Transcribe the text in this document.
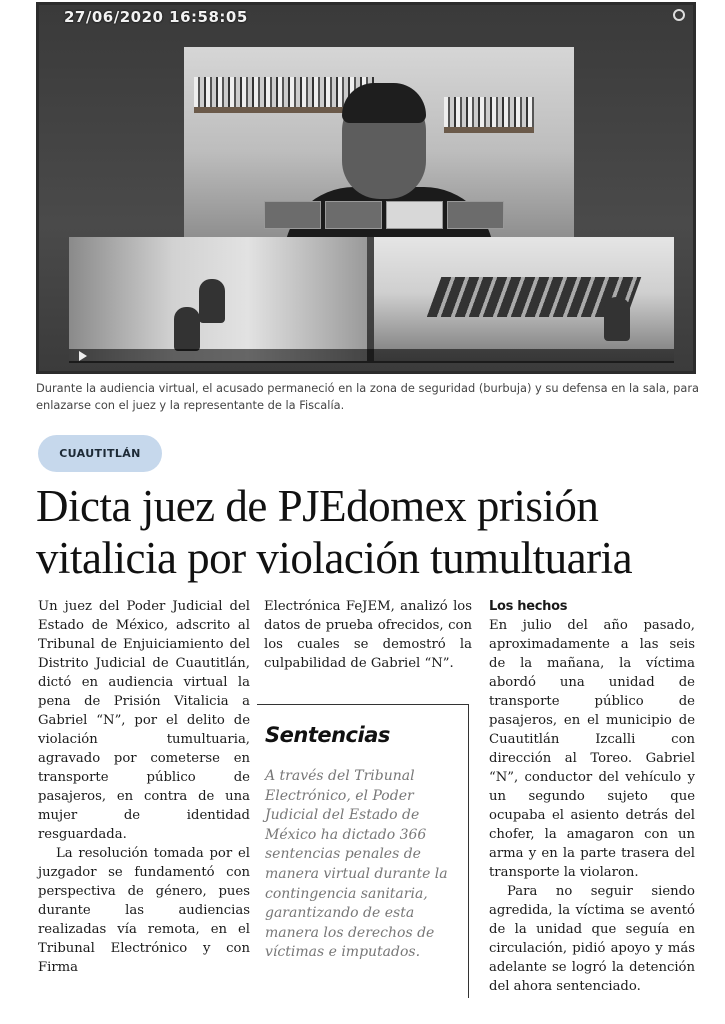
27/06/2020 16:58:05
Durante la audiencia virtual, el acusado permaneció en la zona de seguridad (burbuja) y su defensa en la sala, para enlazarse con el juez y la representante de la Fiscalía.
CUAUTITLÁN
Dicta juez de PJEdomex prisión vitalicia por violación tumultuaria

Un juez del Poder Judicial del Estado de México, adscrito al Tribunal de Enjuiciamiento del Distrito Judicial de Cuautitlán, dictó en audiencia virtual la pena de Prisión Vitalicia a Gabriel “N”, por el delito de violación tumultuaria, agravado por cometerse en transporte público de pasajeros, en contra de una mujer de identidad resguardada.

La resolución tomada por el juzgador se fundamentó con perspectiva de género, pues durante las audiencias realizadas vía remota, en el Tribunal Electrónico y con Firma

Electrónica FeJEM, analizó los datos de prueba ofrecidos, con los cuales se demostró la culpabilidad de Gabriel “N”.

Sentencias
A través del Tribunal Electrónico, el Poder Judicial del Estado de México ha dictado 366 sentencias penales de manera virtual durante la contingencia sanitaria, garantizando de esta manera los derechos de víctimas e imputados.

Los hechos

En julio del año pasado, aproximadamente a las seis de la mañana, la víctima abordó una unidad de transporte público de pasajeros, en el municipio de Cuautitlán Izcalli con dirección al Toreo. Gabriel “N”, conductor del vehículo y un segundo sujeto que ocupaba el asiento detrás del chofer, la amagaron con un arma y en la parte trasera del transporte la violaron.

Para no seguir siendo agredida, la víctima se aventó de la unidad que seguía en circulación, pidió apoyo y más adelante se logró la detención del ahora sentenciado.
